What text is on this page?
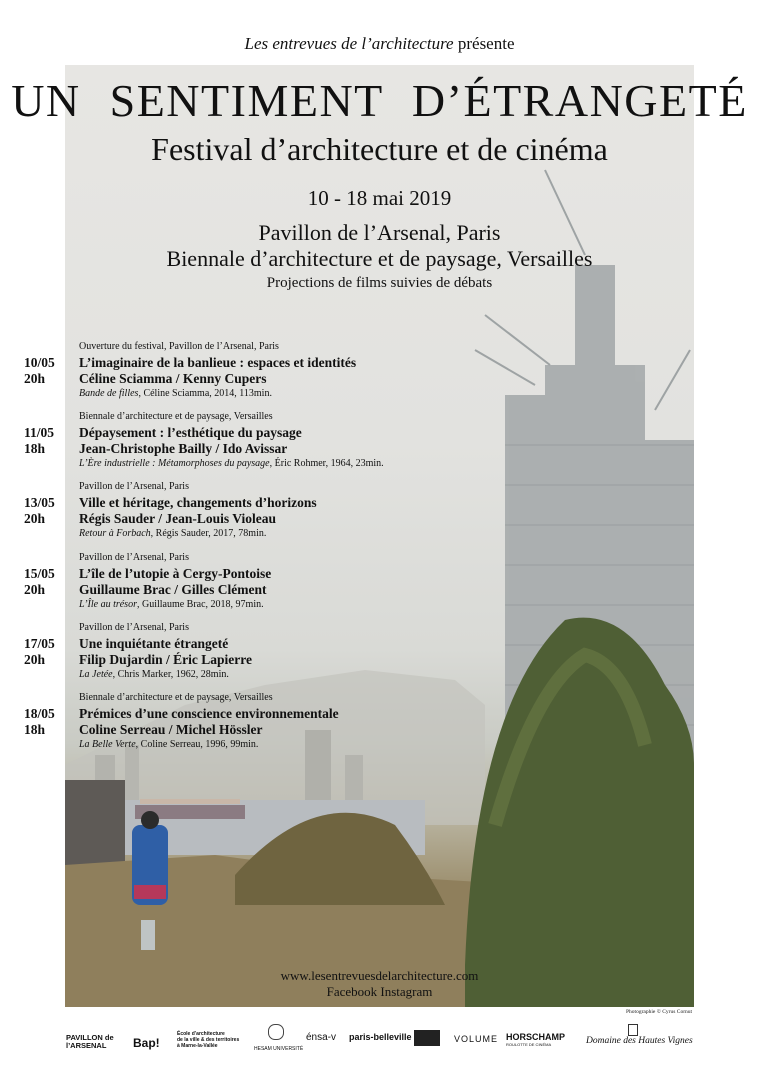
Les entrevues de l’architecture présente
UN SENTIMENT D’ÉTRANGETÉ
Festival d’architecture et de cinéma
10 - 18 mai 2019
Pavillon de l’Arsenal, Paris
Biennale d’architecture et de paysage, Versailles
Projections de films suivies de débats
Ouverture du festival, Pavillon de l’Arsenal, Paris
10/05
20h
L’imaginaire de la banlieue : espaces et identités
Céline Sciamma / Kenny Cupers
Bande de filles, Céline Sciamma, 2014, 113min.
Biennale d’architecture et de paysage, Versailles
11/05
18h
Dépaysement : l’esthétique du paysage
Jean-Christophe Bailly / Ido Avissar
L’Ère industrielle : Métamorphoses du paysage, Éric Rohmer, 1964, 23min.
Pavillon de l’Arsenal, Paris
13/05
20h
Ville et héritage, changements d’horizons
Régis Sauder / Jean-Louis Violeau
Retour à Forbach, Régis Sauder, 2017, 78min.
Pavillon de l’Arsenal, Paris
15/05
20h
L’île de l’utopie à Cergy-Pontoise
Guillaume Brac / Gilles Clément
L’Île au trésor, Guillaume Brac, 2018, 97min.
Pavillon de l’Arsenal, Paris
17/05
20h
Une inquiétante étrangeté
Filip Dujardin / Éric Lapierre
La Jetée, Chris Marker, 1962, 28min.
Biennale d’architecture et de paysage, Versailles
18/05
18h
Prémices d’une conscience environnementale
Coline Serreau / Michel Hössler
La Belle Verte, Coline Serreau, 1996, 99min.
www.lesentrevuesdelarchitecture.com
Facebook Instagram
Photographie © Cyrus Cornut
PAVILLON de
l’ARSENAL	Bap!
École d’architecture
de la ville & des territoires
à Marne-la-Vallée	HESAM UNIVERSITÉ
énsa-v paris-belleville	VOLUME HORSCHAMP
ROULOTTE DE CINÉMA	Domaine des Hautes Vignes
